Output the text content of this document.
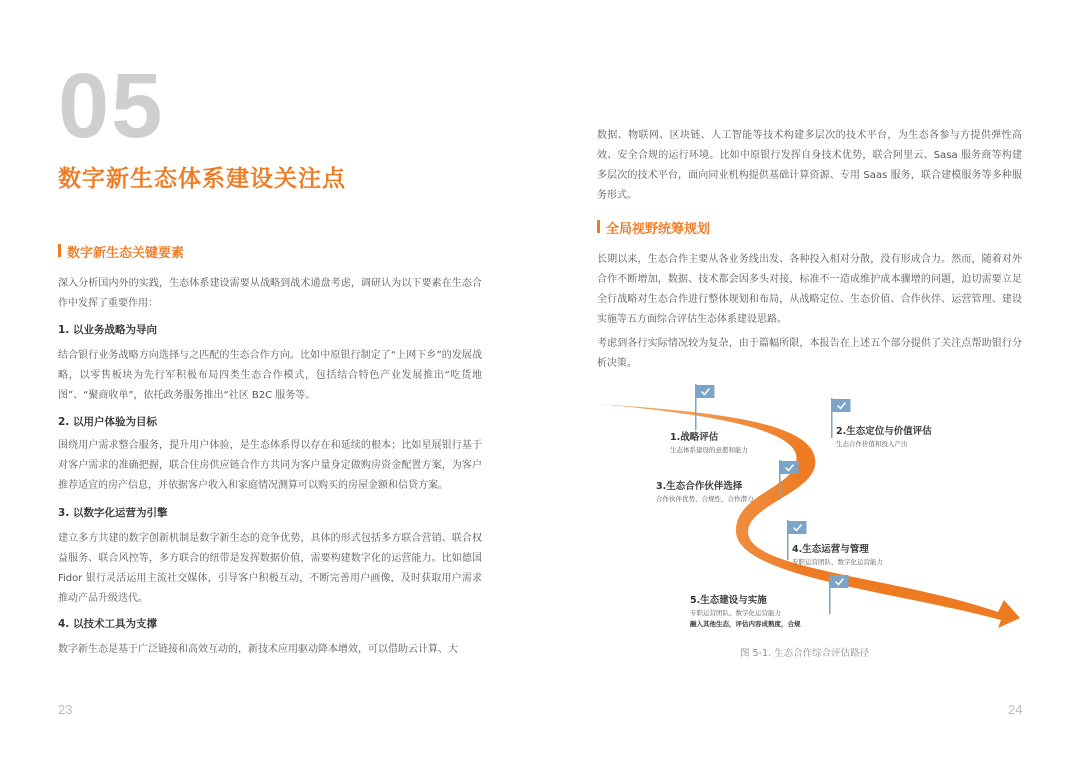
05
数字新生态体系建设关注点
数字新生态关键要素
深入分析国内外的实践，生态体系建设需要从战略到战术通盘考虑，调研认为以下要素在生态合作中发挥了重要作用：
1. 以业务战略为导向
结合银行业务战略方向选择与之匹配的生态合作方向。比如中原银行制定了“上网下乡”的发展战略，以零售板块为先行军积极布局四类生态合作模式，包括结合特色产业发展推出“吃货地图”、“聚商收单”，依托政务服务推出“社区 B2C 服务等。
2. 以用户体验为目标
围绕用户需求整合服务，提升用户体验，是生态体系得以存在和延续的根本；比如星展银行基于对客户需求的准确把握，联合住房供应链合作方共同为客户量身定做购房资金配置方案，为客户推荐适宜的房产信息，并依据客户收入和家庭情况测算可以购买的房屋金额和信贷方案。
3. 以数字化运营为引擎
建立多方共建的数字创新机制是数字新生态的竞争优势，具体的形式包括多方联合营销、联合权益服务、联合风控等，多方联合的纽带是发挥数据价值，需要构建数字化的运营能力。比如德国 Fidor 银行灵活运用主流社交媒体，引导客户积极互动，不断完善用户画像，及时获取用户需求推动产品升级迭代。
4. 以技术工具为支撑
数字新生态是基于广泛链接和高效互动的，新技术应用驱动降本增效，可以借助云计算、大
23
数据、物联网、区块链、人工智能等技术构建多层次的技术平台，为生态各参与方提供弹性高效、安全合规的运行环境。比如中原银行发挥自身技术优势，联合阿里云、Sasa 服务商等构建多层次的技术平台，面向同业机构提供基础计算资源、专用 Saas 服务，联合建模服务等多种服务形式。
全局视野统筹规划
长期以来，生态合作主要从各业务线出发、各种投入相对分散，没有形成合力。然而，随着对外合作不断增加，数据、技术都会因多头对接，标准不一造成维护成本骤增的问题，迫切需要立足全行战略对生态合作进行整体规划和布局，从战略定位、生态价值、合作伙伴、运营管理、建设实施等五方面综合评估生态体系建设思路。
考虑到各行实际情况较为复杂，由于篇幅所限，本报告在上述五个部分提供了关注点帮助银行分析决策。
24
1.战略评估
生态体系建设的意愿和能力
2.生态定位与价值评估
生态合作价值和投入产出
3.生态合作伙伴选择
合作伙伴优势、合规性、合作潜力
4.生态运营与管理
专职运营团队、数字化运营能力
5.生态建设与实施
专职运营团队、数字化运营能力
融入其他生态，评估内容成熟度，合规
图 5-1. 生态合作综合评估路径
